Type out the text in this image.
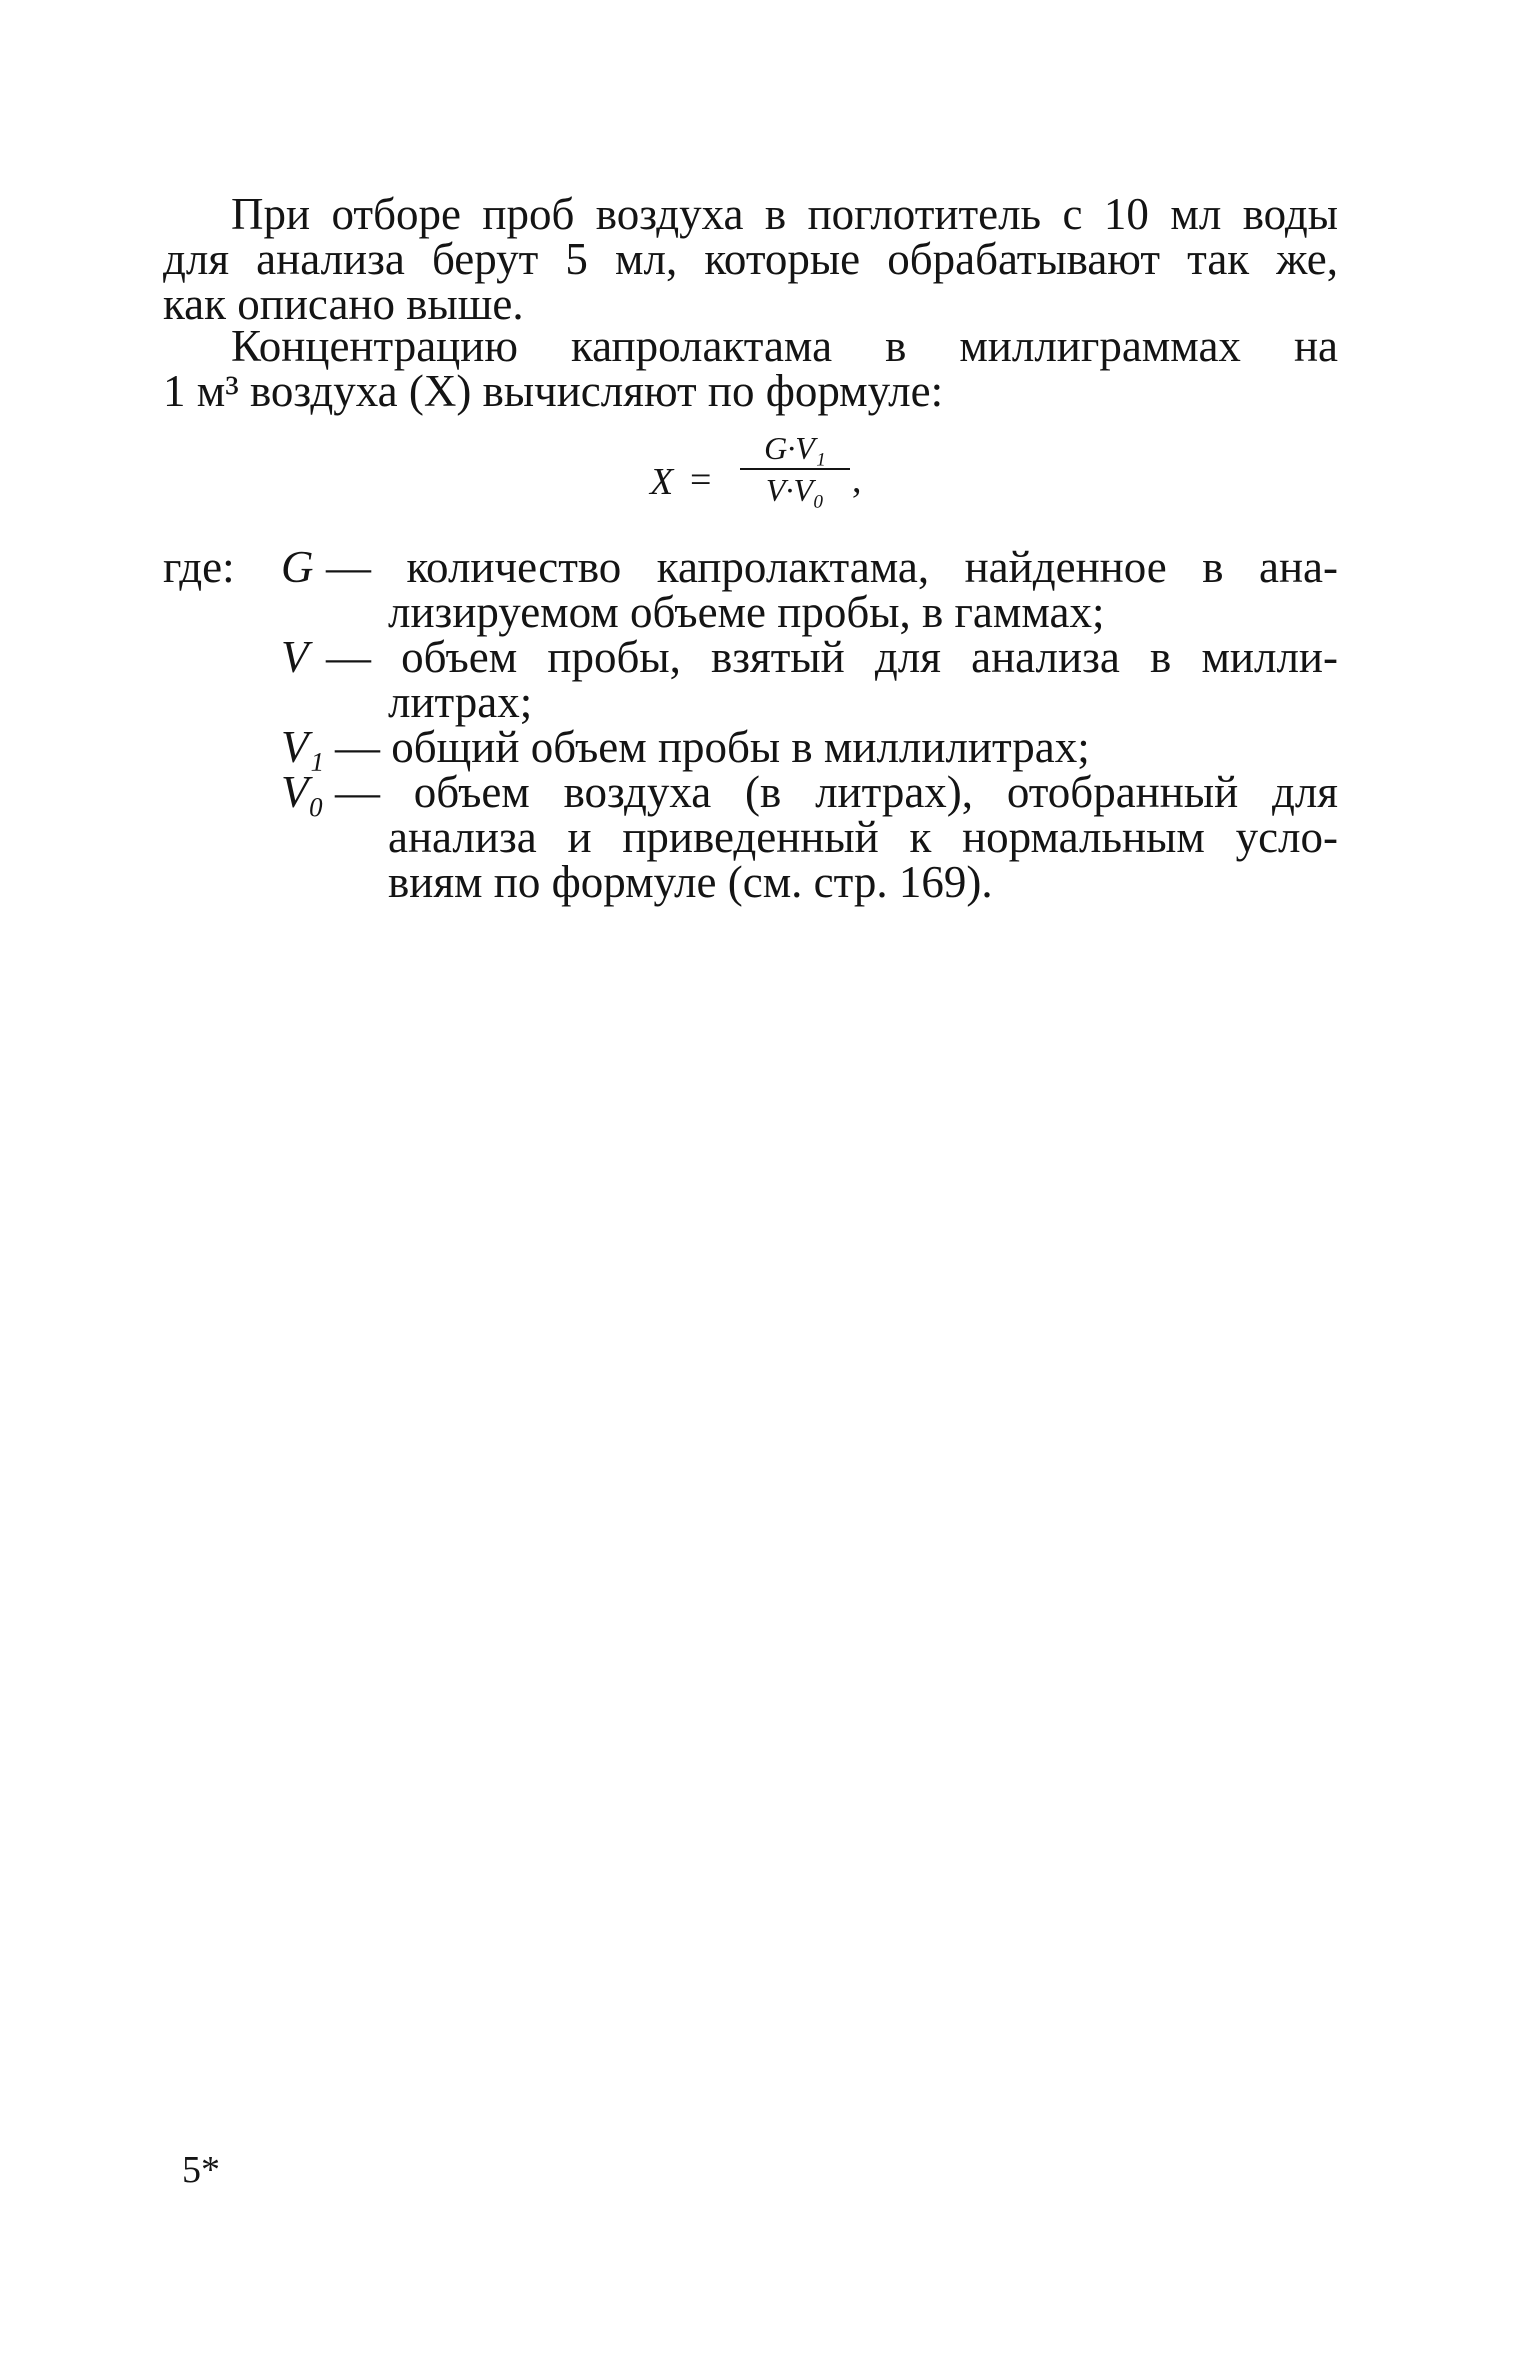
При отборе проб воздуха в поглотитель с 10 мл воды
для анализа берут 5 мл, которые обрабатывают так же,
как описано выше.
Концентрацию капролактама в миллиграммах на
1 м³ воздуха (X) вычисляют по формуле:
X =
G·V₁
V·V₀ ,
где: G — количество капролактама, найденное в ана-
лизируемом объеме пробы, в гаммах;
V — объем пробы, взятый для анализа в милли-
литрах;
V₁ — общий объем пробы в миллилитрах;
V₀ — объем воздуха (в литрах), отобранный для
анализа и приведенный к нормальным усло-
виям по формуле (см. стр. 169).
5*
